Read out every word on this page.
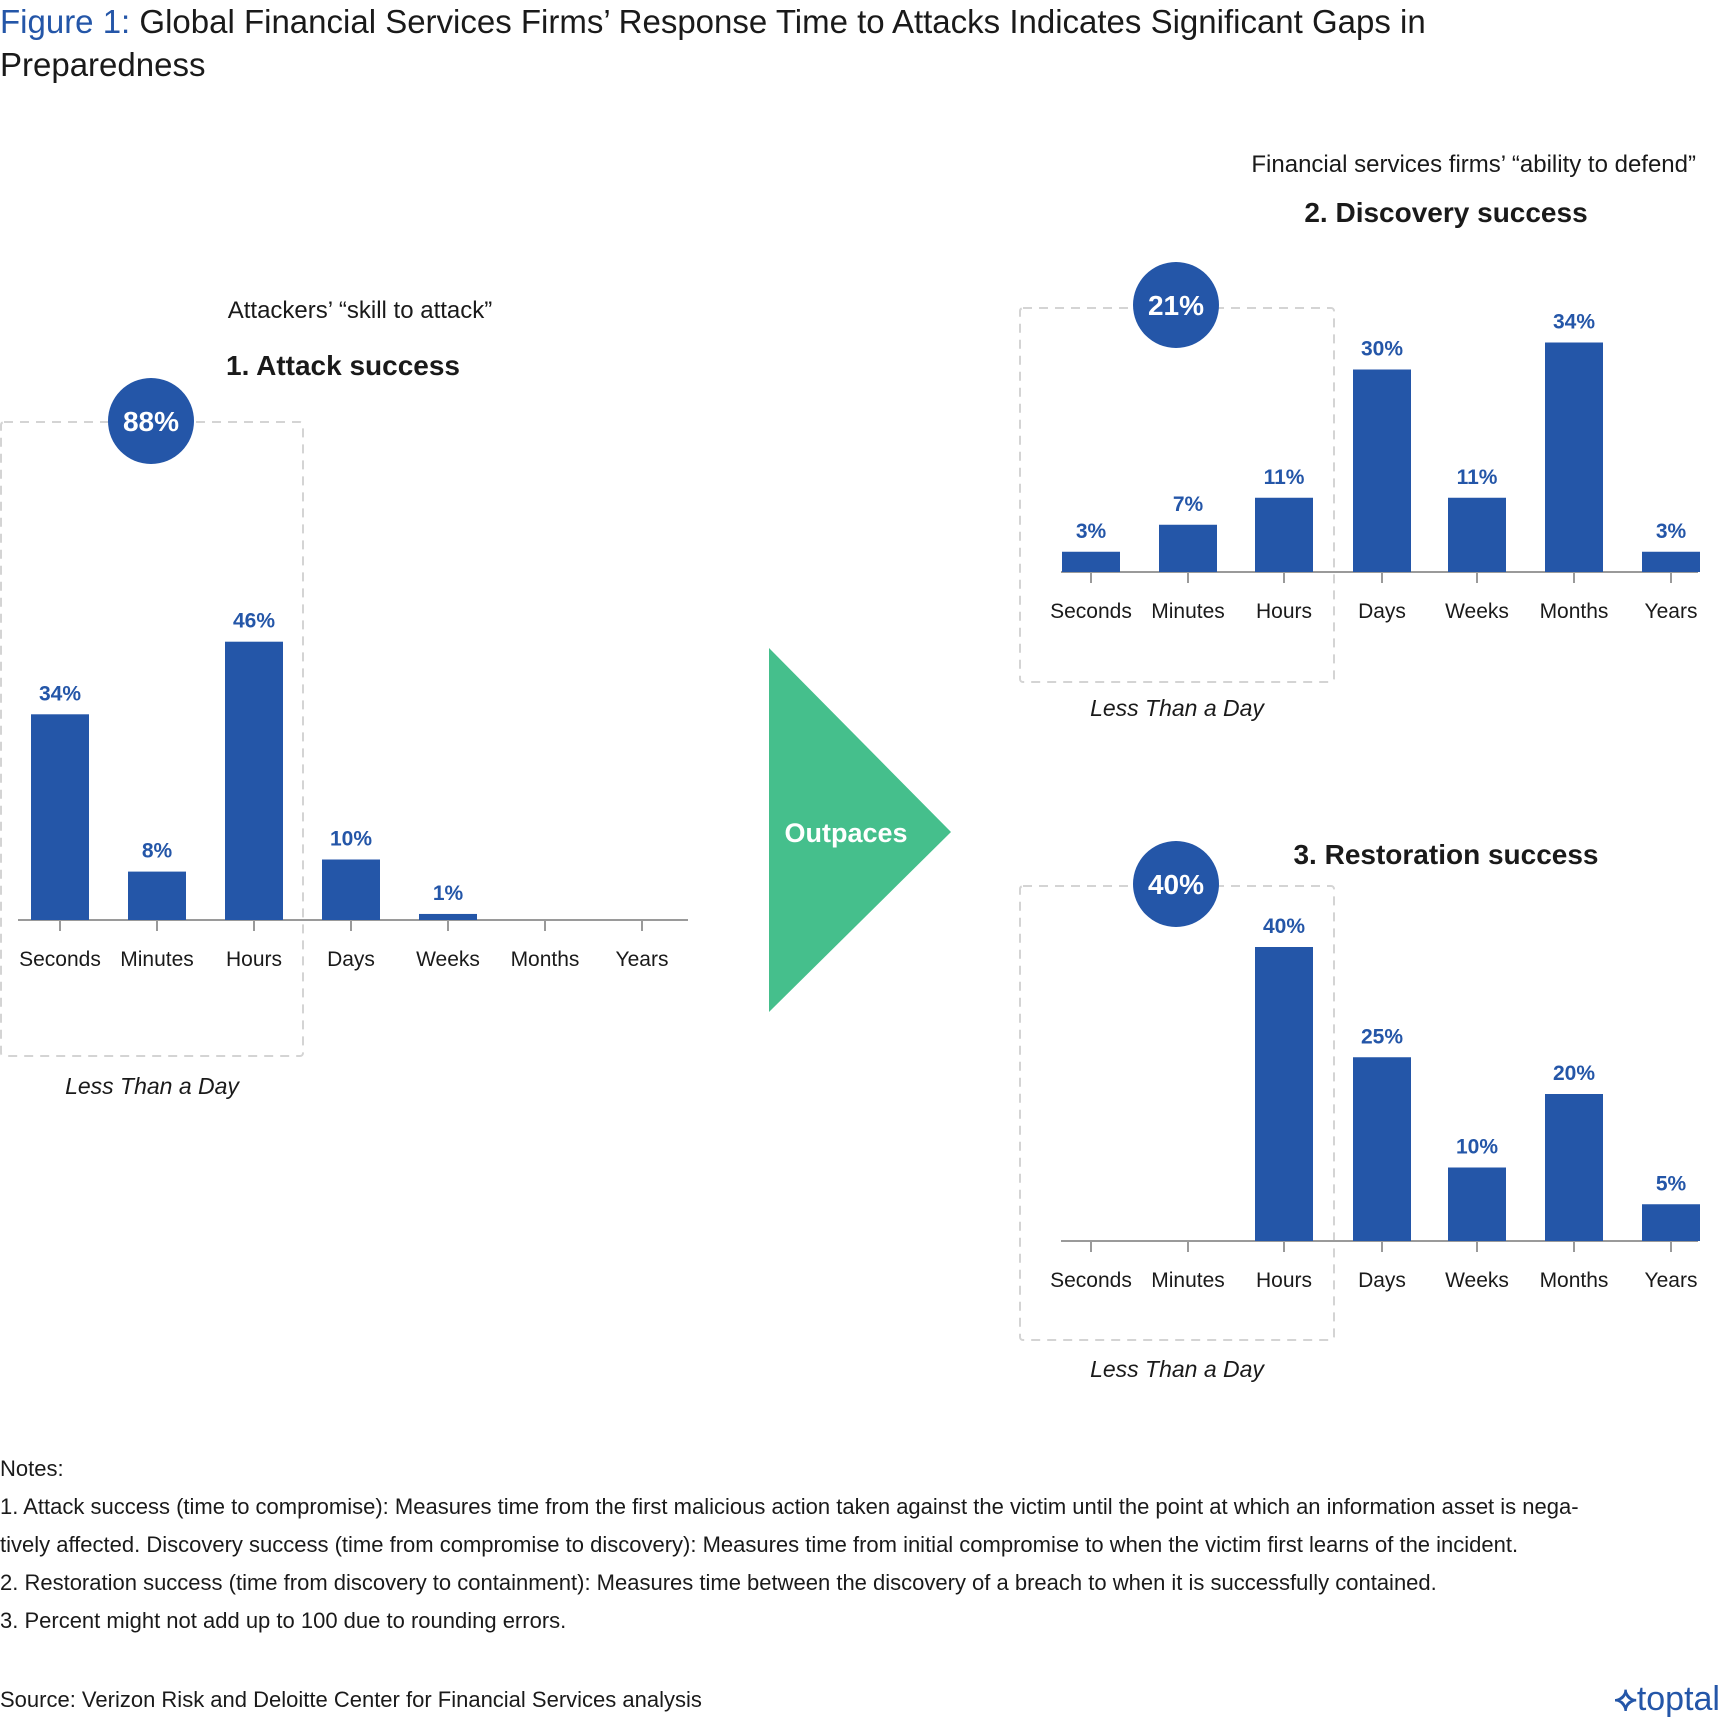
Figure 1: Global Financial Services Firms’ Response Time to Attacks Indicates Significant Gaps in Preparedness
Attackers’ “skill to attack”
1. Attack success
Seconds
34%
Minutes
8%
Hours
46%
Days
10%
Weeks
1%
Months Years
88%
Less Than a Day
Financial services firms’ “ability to defend”
2. Discovery success
Seconds
3%
Minutes
7%
Hours
11%
Days
30%
Weeks
11%
Months
34%
Years
3%
21%
Less Than a Day
3. Restoration success
Seconds Minutes Hours
40%
Days
25%
Weeks
10%
Months
20%
Years
5%
40%
Less Than a Day
Outpaces

Notes:

1. Attack success (time to compromise): Measures time from the first malicious action taken against the victim until the point at which an information asset is nega-

tively affected. Discovery success (time from compromise to discovery): Measures time from initial compromise to when the victim first learns of the incident.

2. Restoration success (time from discovery to containment): Measures time between the discovery of a breach to when it is successfully contained.

3. Percent might not add up to 100 due to rounding errors.

Source: Verizon Risk and Deloitte Center for Financial Services analysis	⟡toptal
